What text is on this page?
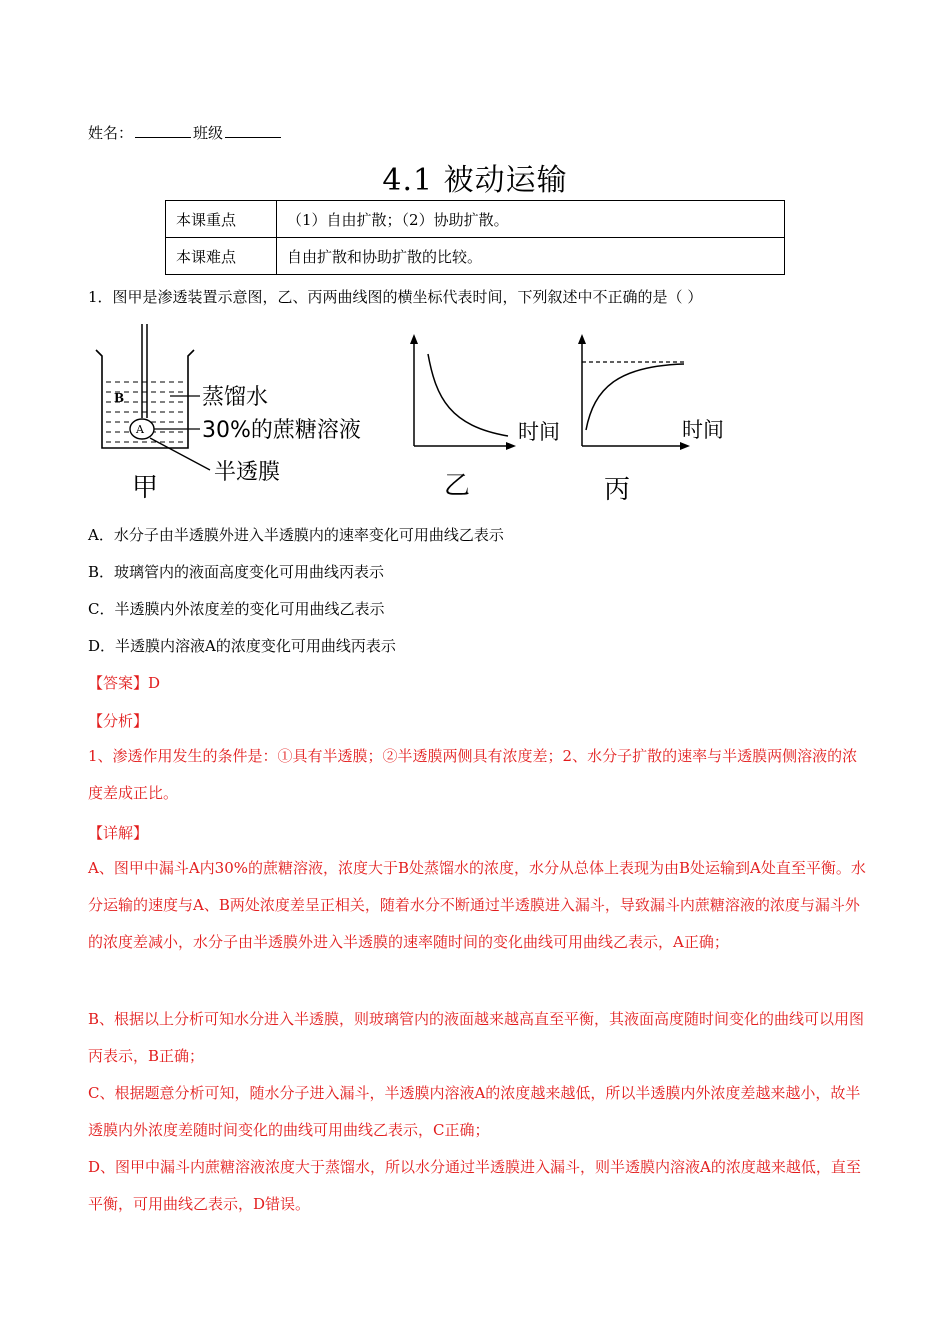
姓名：	班级
4.1 被动运输
本课重点	（1）自由扩散；（2）协助扩散。
本课难点	自由扩散和协助扩散的比较。
1．图甲是渗透装置示意图，乙、丙两曲线图的横坐标代表时间，下列叙述中不正确的是（ ）
B
A
蒸馏水
30%的蔗糖溶液
半透膜
甲
时间
乙
时间
丙
A．水分子由半透膜外进入半透膜内的速率变化可用曲线乙表示
B．玻璃管内的液面高度变化可用曲线丙表示
C．半透膜内外浓度差的变化可用曲线乙表示
D．半透膜内溶液A的浓度变化可用曲线丙表示
【答案】D
【分析】
1、渗透作用发生的条件是：①具有半透膜；②半透膜两侧具有浓度差；2、水分子扩散的速率与半透膜两侧溶液的浓度差成正比。
【详解】
A、图甲中漏斗A内30%的蔗糖溶液，浓度大于B处蒸馏水的浓度，水分从总体上表现为由B处运输到A处直至平衡。水分运输的速度与A、B两处浓度差呈正相关，随着水分不断通过半透膜进入漏斗，导致漏斗内蔗糖溶液的浓度与漏斗外的浓度差减小，水分子由半透膜外进入半透膜的速率随时间的变化曲线可用曲线乙表示，A正确；
B、根据以上分析可知水分进入半透膜，则玻璃管内的液面越来越高直至平衡，其液面高度随时间变化的曲线可以用图丙表示，B正确；
C、根据题意分析可知，随水分子进入漏斗，半透膜内溶液A的浓度越来越低，所以半透膜内外浓度差越来越小，故半透膜内外浓度差随时间变化的曲线可用曲线乙表示，C正确；
D、图甲中漏斗内蔗糖溶液浓度大于蒸馏水，所以水分通过半透膜进入漏斗，则半透膜内溶液A的浓度越来越低，直至平衡，可用曲线乙表示，D错误。
